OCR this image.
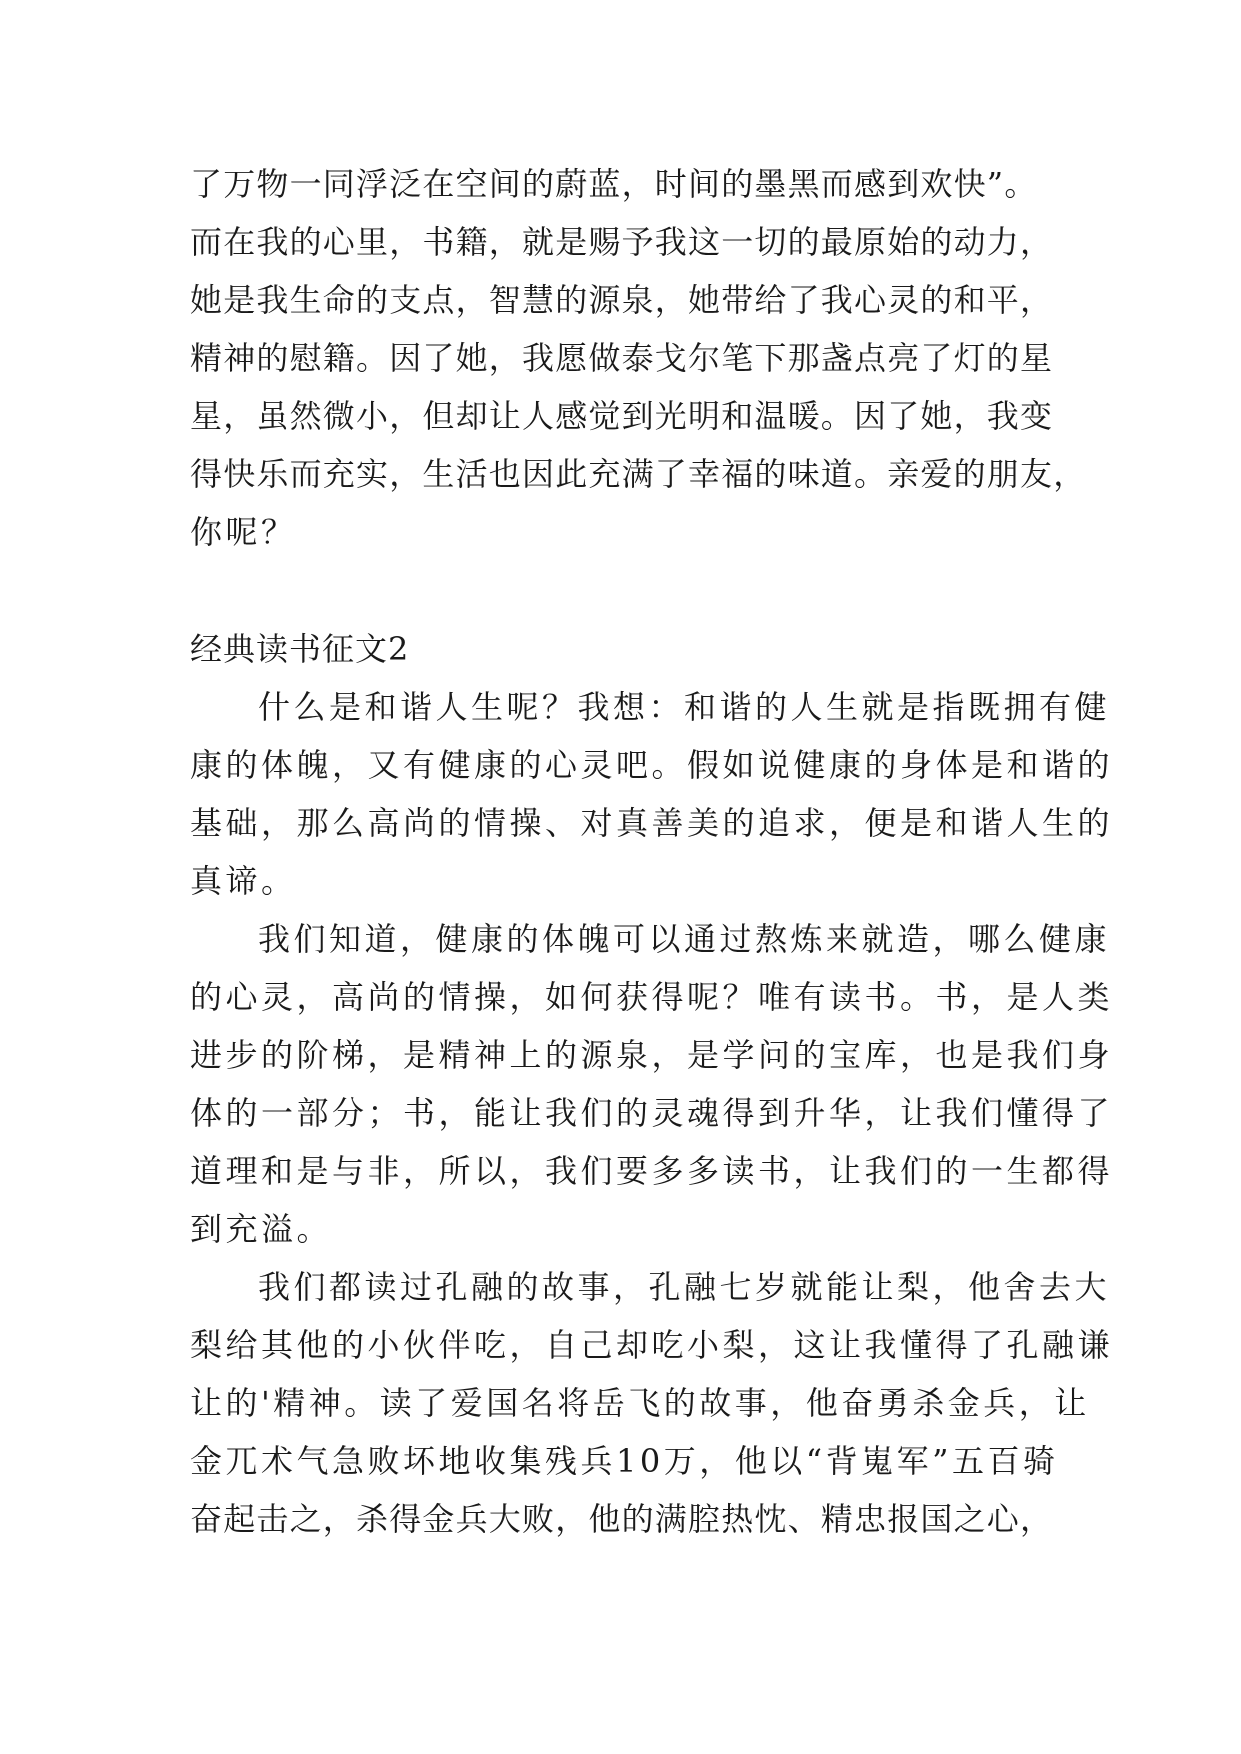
了万物一同浮泛在空间的蔚蓝，时间的墨黑而感到欢快”。
而在我的心里，书籍，就是赐予我这一切的最原始的动力，
她是我生命的支点，智慧的源泉，她带给了我心灵的和平，
精神的慰籍。因了她，我愿做泰戈尔笔下那盏点亮了灯的星
星，虽然微小，但却让人感觉到光明和温暖。因了她，我变
得快乐而充实，生活也因此充满了幸福的味道。亲爱的朋友，
你呢？
经典读书征文2
什么是和谐人生呢？我想：和谐的人生就是指既拥有健
康的体魄，又有健康的心灵吧。假如说健康的身体是和谐的
基础，那么高尚的情操、对真善美的追求，便是和谐人生的
真谛。
我们知道，健康的体魄可以通过熬炼来就造，哪么健康
的心灵，高尚的情操，如何获得呢？唯有读书。书，是人类
进步的阶梯，是精神上的源泉，是学问的宝库，也是我们身
体的一部分；书，能让我们的灵魂得到升华，让我们懂得了
道理和是与非，所以，我们要多多读书，让我们的一生都得
到充溢。
我们都读过孔融的故事，孔融七岁就能让梨，他舍去大
梨给其他的小伙伴吃，自己却吃小梨，这让我懂得了孔融谦
让的'精神。读了爱国名将岳飞的故事，他奋勇杀金兵，让
金兀术气急败坏地收集残兵10万，他以“背嵬军”五百骑
奋起击之，杀得金兵大败，他的满腔热忱、精忠报国之心，
